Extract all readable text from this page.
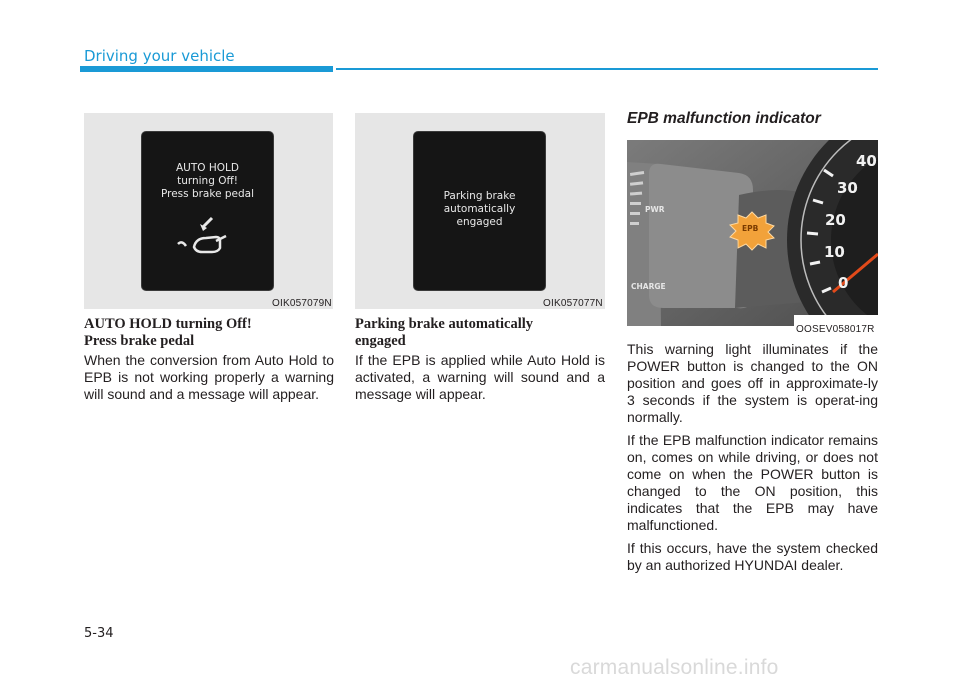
Driving your vehicle
AUTO HOLD
turning Off!
Press brake pedal
OIK057079N
Parking brake
automatically
engaged
OIK057077N
AUTO HOLD turning Off!
Press brake pedal
When the conversion from Auto Hold to EPB is not working properly a warning will sound and a message will appear.
Parking brake automatically
engaged
If the EPB is applied while Auto Hold is activated, a warning will sound and a message will appear.
EPB malfunction indicator
PWR
CHARGE
EPB
40
30
20
10
0
OOSEV058017R

This warning light illuminates if the POWER button is changed to the ON position and goes off in approximate-ly 3 seconds if the system is operat-ing normally.

If the EPB malfunction indicator remains on, comes on while driving, or does not come on when the POWER button is changed to the ON position, this indicates that the EPB may have malfunctioned.

If this occurs, have the system checked by an authorized HYUNDAI dealer.

5-34
carmanualsonline.info
